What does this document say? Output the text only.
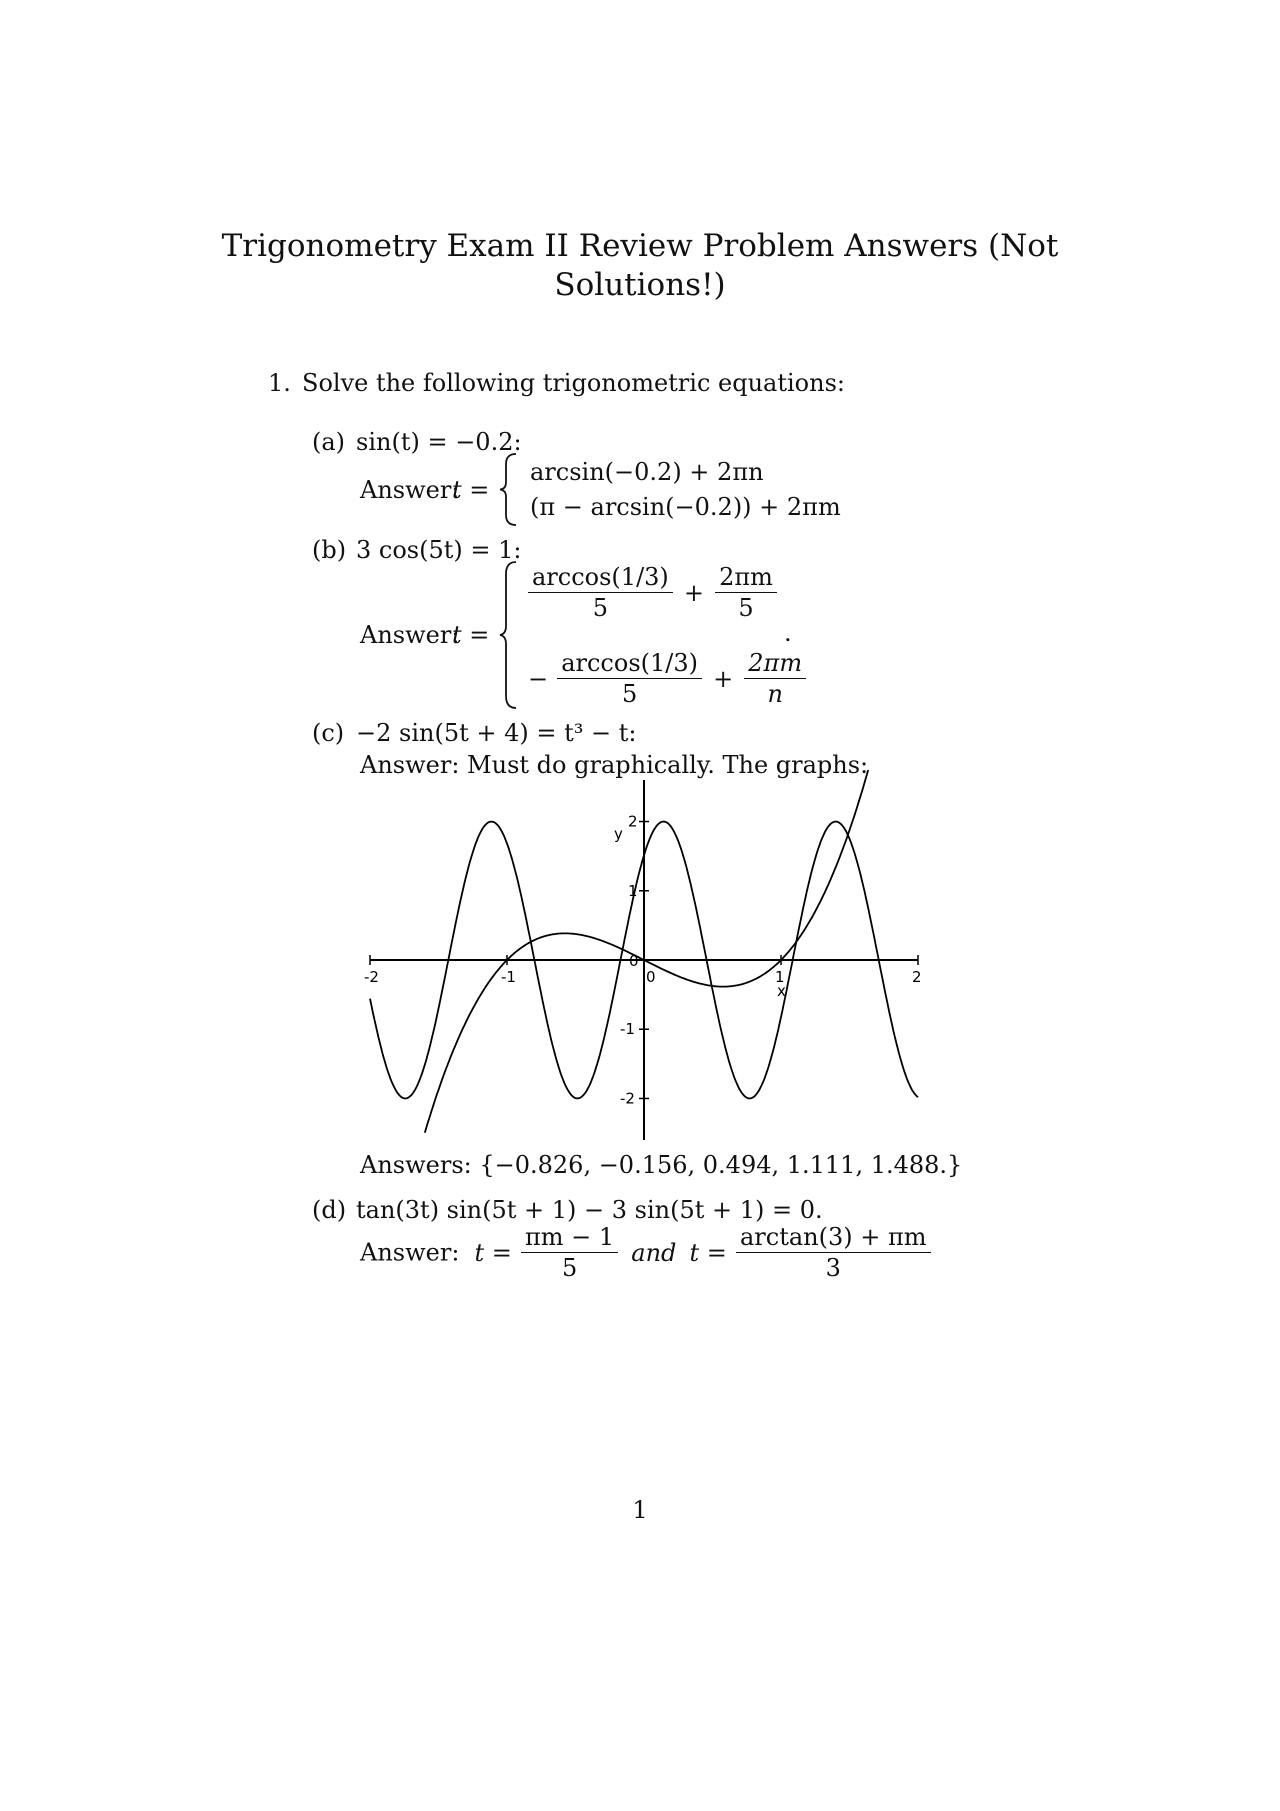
Trigonometry Exam II Review Problem Answers (Not
Solutions!)
1. Solve the following trigonometric equations:
(a) sin(t) = −0.2:
Answer:
t =
arcsin(−0.2) + 2πn
(π − arcsin(−0.2)) + 2πm
(b) 3 cos(5t) = 1:
Answer:
t =
$\frac{\arccos(1/3)}{5} + \frac{2\pi m}{5}$
− $\frac{\arccos(1/3)}{5} + \frac{2\pi m}{n}$
.
(c) −2 sin(5t + 4) = t³ − t:
Answer: Must do graphically. The graphs:
-2	-1	0	1	2
2
1
-1
-2
0
x
y
Answers: {−0.826, −0.156, 0.494, 1.111, 1.488.}
(d) tan(3t) sin(5t + 1) − 3 sin(5t + 1) = 0.
Answer: $t = \frac{\pi m - 1}{5}$ and $t = \frac{\arctan(3) + \pi m}{3}$
1
